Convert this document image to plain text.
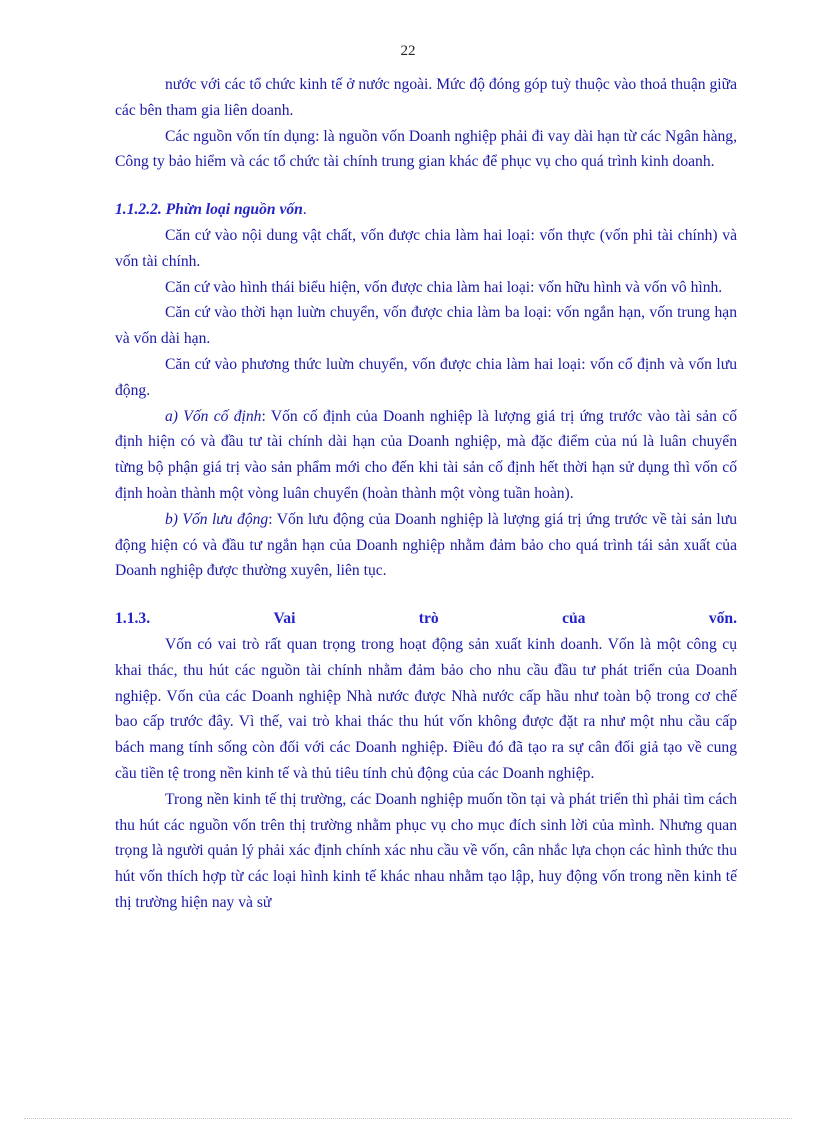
22

nước với các tổ chức kinh tế ở nước ngoài. Mức độ đóng góp tuỳ thuộc vào thoả thuận giữa các bên tham gia liên doanh.

Các nguồn vốn tín dụng: là nguồn vốn Doanh nghiệp phải đi vay dài hạn từ các Ngân hàng, Công ty bảo hiểm và các tổ chức tài chính trung gian khác để phục vụ cho quá trình kinh doanh.

1.1.2.2. Phừn loại nguồn vốn.

Căn cứ vào nội dung vật chất, vốn được chia làm hai loại: vốn thực (vốn phi tài chính) và vốn tài chính.

Căn cứ vào hình thái biểu hiện, vốn được chia làm hai loại: vốn hữu hình và vốn vô hình.

Căn cứ vào thời hạn luừn chuyển, vốn được chia làm ba loại: vốn ngắn hạn, vốn trung hạn và vốn dài hạn.

Căn cứ vào phương thức luừn chuyển, vốn được chia làm hai loại: vốn cố định và vốn lưu động.

a) Vốn cố định: Vốn cố định của Doanh nghiệp là lượng giá trị ứng trước vào tài sản cố định hiện có và đầu tư tài chính dài hạn của Doanh nghiệp, mà đặc điểm của nú là luân chuyển từng bộ phận giá trị vào sản phẩm mới cho đến khi tài sản cố định hết thời hạn sử dụng thì vốn cố định hoàn thành một vòng luân chuyển (hoàn thành một vòng tuần hoàn).

b) Vốn lưu động: Vốn lưu động của Doanh nghiệp là lượng giá trị ứng trước về tài sản lưu động hiện có và đầu tư ngắn hạn của Doanh nghiệp nhằm đảm bảo cho quá trình tái sản xuất của Doanh nghiệp được thường xuyên, liên tục.

1.1.3.	Vai	trò	của	vốn.

Vốn có vai trò rất quan trọng trong hoạt động sản xuất kinh doanh. Vốn là một công cụ khai thác, thu hút các nguồn tài chính nhằm đảm bảo cho nhu cầu đầu tư phát triển của Doanh nghiệp. Vốn của các Doanh nghiệp Nhà nước được Nhà nước cấp hầu như toàn bộ trong cơ chế bao cấp trước đây. Vì thế, vai trò khai thác thu hút vốn không được đặt ra như một nhu cầu cấp bách mang tính sống còn đối với các Doanh nghiệp. Điều đó đã tạo ra sự cân đối giả tạo về cung cầu tiền tệ trong nền kinh tế và thủ tiêu tính chủ động của các Doanh nghiệp.

Trong nền kinh tế thị trường, các Doanh nghiệp muốn tồn tại và phát triển thì phải tìm cách thu hút các nguồn vốn trên thị trường nhằm phục vụ cho mục đích sinh lời của mình. Nhưng quan trọng là người quản lý phải xác định chính xác nhu cầu về vốn, cân nhắc lựa chọn các hình thức thu hút vốn thích hợp từ các loại hình kinh tế khác nhau nhằm tạo lập, huy động vốn trong nền kinh tế thị trường hiện nay và sử
